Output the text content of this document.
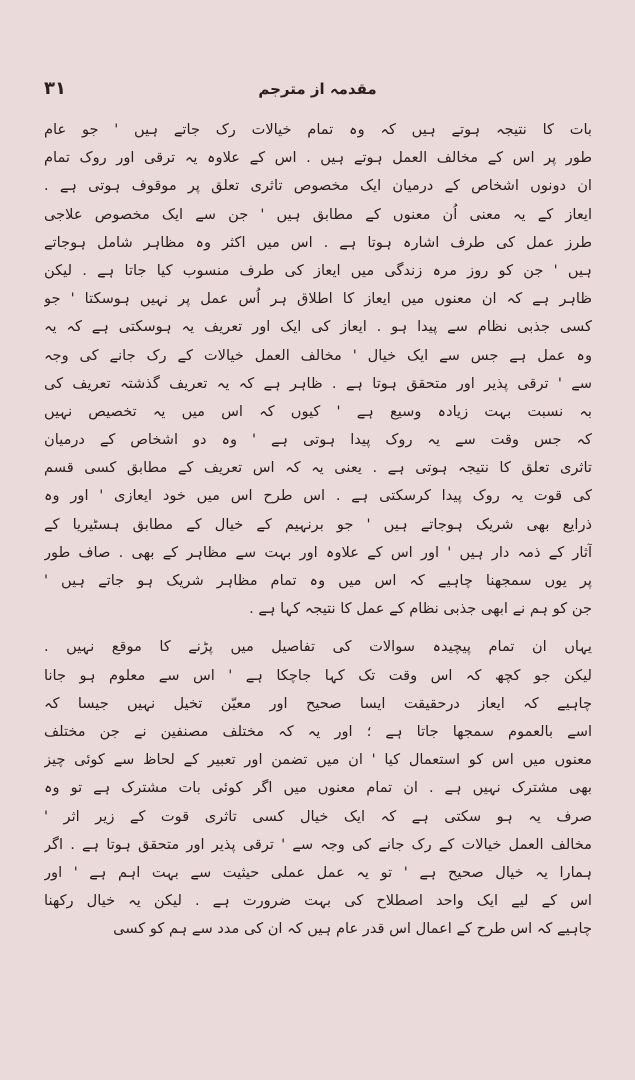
۳۱	مقدمہ از مترجم
بات کا نتیجہ ہوتے ہیں کہ وہ تمام خیالات رک جاتے ہیں ' جو عام
طور پر اس کے مخالف العمل ہوتے ہیں . اس کے علاوہ یہ ترقی اور روک تمام
ان دونوں اشخاص کے درمیان ایک مخصوص تاثری تعلق پر موقوف ہوتی ہے .
ایعاز کے یہ معنی اُن معنوں کے مطابق ہیں ' جن سے ایک مخصوص علاجی
طرز عمل کی طرف اشارہ ہوتا ہے . اس میں اکثر وہ مظاہر شامل ہوجاتے
ہیں ' جن کو روز مرہ زندگی میں ایعاز کی طرف منسوب کیا جاتا ہے . لیکن
ظاہر ہے کہ ان معنوں میں ایعاز کا اطلاق ہر اُس عمل پر نہیں ہوسکتا ' جو
کسی جذبی نظام سے پیدا ہو . ایعاز کی ایک اور تعریف یہ ہوسکتی ہے کہ یہ
وہ عمل ہے جس سے ایک خیال ' مخالف العمل خیالات کے رک جانے کی وجہ
سے ' ترقی پذیر اور متحقق ہوتا ہے . ظاہر ہے کہ یہ تعریف گذشتہ تعریف کی
بہ نسبت بہت زیادہ وسیع ہے ' کیوں کہ اس میں یہ تخصیص نہیں
کہ جس وقت سے یہ روک پیدا ہوتی ہے ' وہ دو اشخاص کے درمیان
تاثری تعلق کا نتیجہ ہوتی ہے . یعنی یہ کہ اس تعریف کے مطابق کسی قسم
کی قوت یہ روک پیدا کرسکتی ہے . اس طرح اس میں خود ایعازی ' اور وہ
ذرایع بھی شریک ہوجاتے ہیں ' جو برنہیم کے خیال کے مطابق ہسٹیریا کے
آثار کے ذمہ دار ہیں ' اور اس کے علاوہ اور بہت سے مظاہر کے بھی . صاف طور
پر یوں سمجھنا چاہیے کہ اس میں وہ تمام مظاہر شریک ہو جاتے ہیں '
جن کو ہم نے ابھی جذبی نظام کے عمل کا نتیجہ کہا ہے .
یہاں ان تمام پیچیدہ سوالات کی تفاصیل میں پڑنے کا موقع نہیں .
لیکن جو کچھ کہ اس وقت تک کہا جاچکا ہے ' اس سے معلوم ہو جانا
چاہیے کہ ایعاز درحقیقت ایسا صحیح اور معیّن تخیل نہیں جیسا کہ
اسے بالعموم سمجھا جاتا ہے ؛ اور یہ کہ مختلف مصنفین نے جن مختلف
معنوں میں اس کو استعمال کیا ' ان میں تضمن اور تعبیر کے لحاظ سے کوئی چیز
بھی مشترک نہیں ہے . ان تمام معنوں میں اگر کوئی بات مشترک ہے تو وہ
صرف یہ ہو سکتی ہے کہ ایک خیال کسی تاثری قوت کے زیر اثر '
مخالف العمل خیالات کے رک جانے کی وجہ سے ' ترقی پذیر اور متحقق ہوتا ہے . اگر
ہمارا یہ خیال صحیح ہے ' تو یہ عمل عملی حیثیت سے بہت اہم ہے ' اور
اس کے لیے ایک واحد اصطلاح کی بہت ضرورت ہے . لیکن یہ خیال رکھنا
چاہیے کہ اس طرح کے اعمال اس قدر عام ہیں کہ ان کی مدد سے ہم کو کسی
